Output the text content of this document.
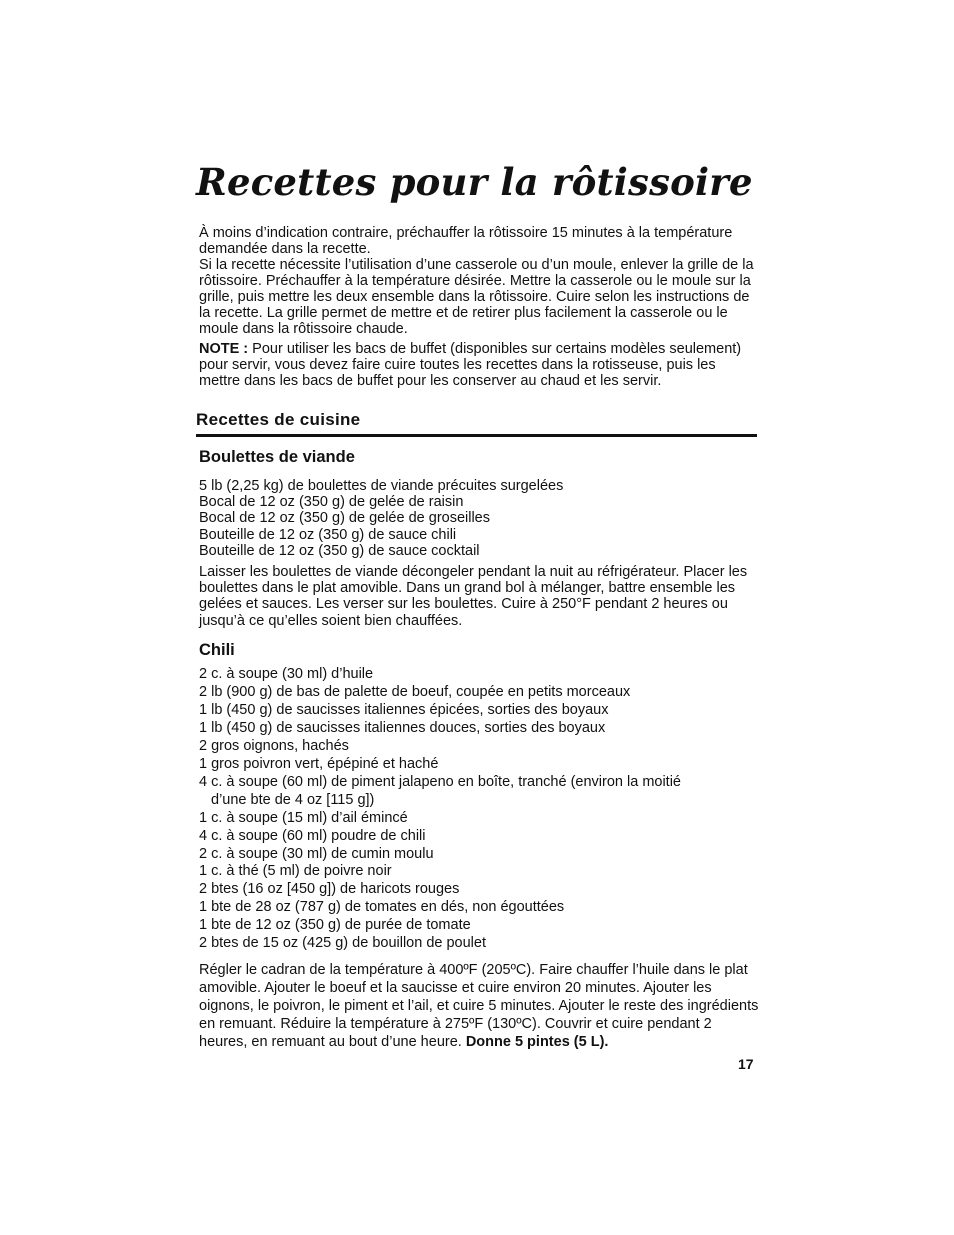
Recettes pour la rôtissoire

À moins d’indication contraire, préchauffer la rôtissoire 15 minutes à la température demandée dans la recette.

Si la recette nécessite l’utilisation d’une casserole ou d’un moule, enlever la grille de la rôtissoire. Préchauffer à la température désirée. Mettre la casserole ou le moule sur la grille, puis mettre les deux ensemble dans la rôtissoire. Cuire selon les instructions de la recette. La grille permet de mettre et de retirer plus facilement la casserole ou le moule dans la rôtissoire chaude.

NOTE : Pour utiliser les bacs de buffet (disponibles sur certains modèles seulement) pour servir, vous devez faire cuire toutes les recettes dans la rotisseuse, puis les mettre dans les bacs de buffet pour les conserver au chaud et les servir.

Recettes de cuisine
Boulettes de viande
5 lb (2,25 kg) de boulettes de viande précuites surgelées
Bocal de 12 oz (350 g) de gelée de raisin
Bocal de 12 oz (350 g) de gelée de groseilles
Bouteille de 12 oz (350 g) de sauce chili
Bouteille de 12 oz (350 g) de sauce cocktail

Laisser les boulettes de viande décongeler pendant la nuit au réfrigérateur. Placer les boulettes dans le plat amovible. Dans un grand bol à mélanger, battre ensemble les gelées et sauces. Les verser sur les boulettes. Cuire à 250°F pendant 2 heures ou jusqu’à ce qu’elles soient bien chauffées.

Chili
2 c. à soupe (30 ml) d’huile
2 lb (900 g) de bas de palette de boeuf, coupée en petits morceaux
1 lb (450 g) de saucisses italiennes épicées, sorties des boyaux
1 lb (450 g) de saucisses italiennes douces, sorties des boyaux
2 gros oignons, hachés
1 gros poivron vert, épépiné et haché
4 c. à soupe (60 ml) de piment jalapeno en boîte, tranché (environ la moitié
d’une bte de 4 oz [115 g])
1 c. à soupe (15 ml) d’ail émincé
4 c. à soupe (60 ml) poudre de chili
2 c. à soupe (30 ml) de cumin moulu
1 c. à thé (5 ml) de poivre noir
2 btes (16 oz [450 g]) de haricots rouges
1 bte de 28 oz (787 g) de tomates en dés, non égouttées
1 bte de 12 oz (350 g) de purée de tomate
2 btes de 15 oz (425 g) de bouillon de poulet

Régler le cadran de la température à 400ºF (205ºC). Faire chauffer l’huile dans le plat amovible. Ajouter le boeuf et la saucisse et cuire environ 20 minutes. Ajouter les oignons, le poivron, le piment et l’ail, et cuire 5 minutes. Ajouter le reste des ingrédients en remuant. Réduire la température à 275ºF (130ºC). Couvrir et cuire pendant 2 heures, en remuant au bout d’une heure. Donne 5 pintes (5 L).

17
